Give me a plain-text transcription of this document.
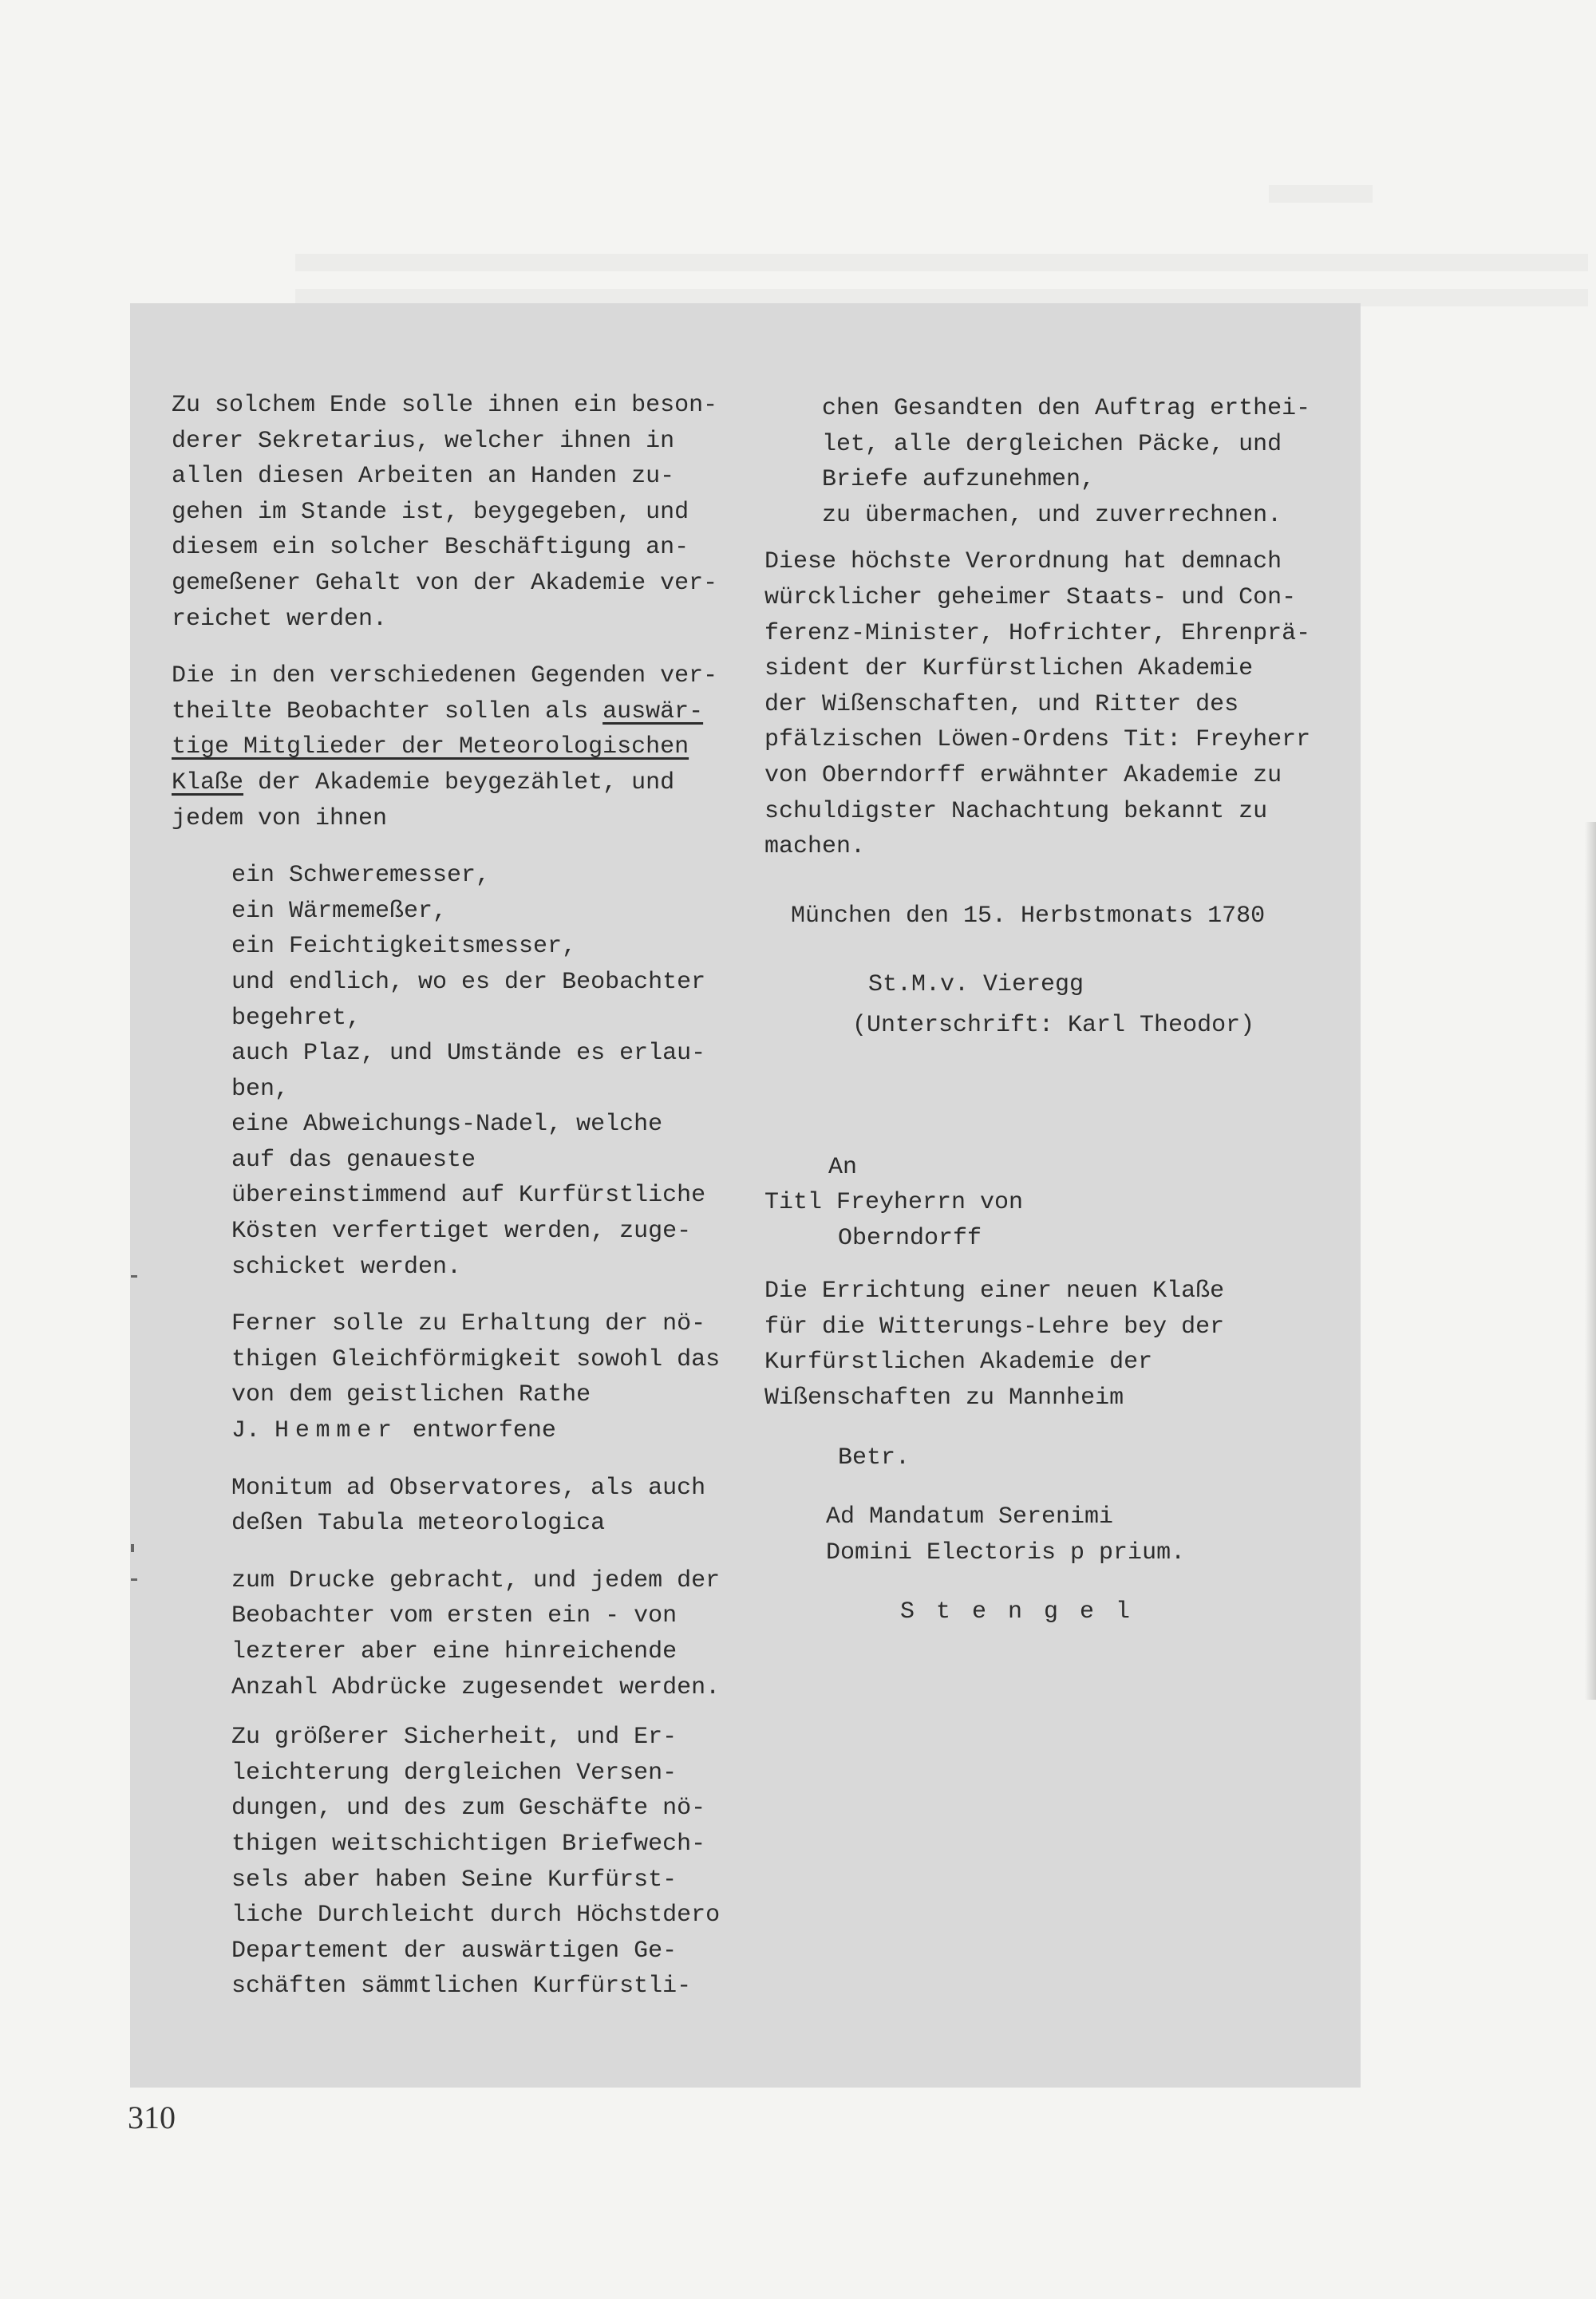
Zu solchem Ende solle ihnen ein beson-

derer Sekretarius, welcher ihnen in

allen diesen Arbeiten an Handen zu-

gehen im Stande ist, beygegeben, und

diesem ein solcher Beschäftigung an-

gemeßener Gehalt von der Akademie ver-

reichet werden.

Die in den verschiedenen Gegenden ver-

theilte Beobachter sollen als auswär-

tige Mitglieder der Meteorologischen

Klaße der Akademie beygezählet, und

jedem von ihnen

ein Schweremesser,

ein Wärmemeßer,

ein Feichtigkeitsmesser,

und endlich, wo es der Beobachter

begehret,

auch Plaz, und Umstände es erlau-

ben,

eine Abweichungs-Nadel, welche

auf das genaueste

übereinstimmend auf Kurfürstliche

Kösten verfertiget werden, zuge-

schicket werden.

Ferner solle zu Erhaltung der nö-

thigen Gleichförmigkeit sowohl das

von dem geistlichen Rathe

J. Hemmer entworfene

Monitum ad Observatores, als auch

deßen Tabula meteorologica

zum Drucke gebracht, und jedem der

Beobachter vom ersten ein - von

lezterer aber eine hinreichende

Anzahl Abdrücke zugesendet werden.

Zu größerer Sicherheit, und Er-

leichterung dergleichen Versen-

dungen, und des zum Geschäfte nö-

thigen weitschichtigen Briefwech-

sels aber haben Seine Kurfürst-

liche Durchleicht durch Höchstdero

Departement der auswärtigen Ge-

schäften sämmtlichen Kurfürstli-

chen Gesandten den Auftrag erthei-

let, alle dergleichen Päcke, und

Briefe aufzunehmen,

zu übermachen, und zuverrechnen.

Diese höchste Verordnung hat demnach

würcklicher geheimer Staats- und Con-

ferenz-Minister, Hofrichter, Ehrenprä-

sident der Kurfürstlichen Akademie

der Wißenschaften, und Ritter des

pfälzischen Löwen-Ordens Tit: Freyherr

von Oberndorff erwähnter Akademie zu

schuldigster Nachachtung bekannt zu

machen.

München den 15. Herbstmonats 1780

St.M.v. Vieregg

(Unterschrift: Karl Theodor)

An

Titl Freyherrn von

Oberndorff

Die Errichtung einer neuen Klaße

für die Witterungs-Lehre bey der

Kurfürstlichen Akademie der

Wißenschaften zu Mannheim

Betr.

Ad Mandatum Serenimi

Domini Electoris p prium.

Stengel

310
